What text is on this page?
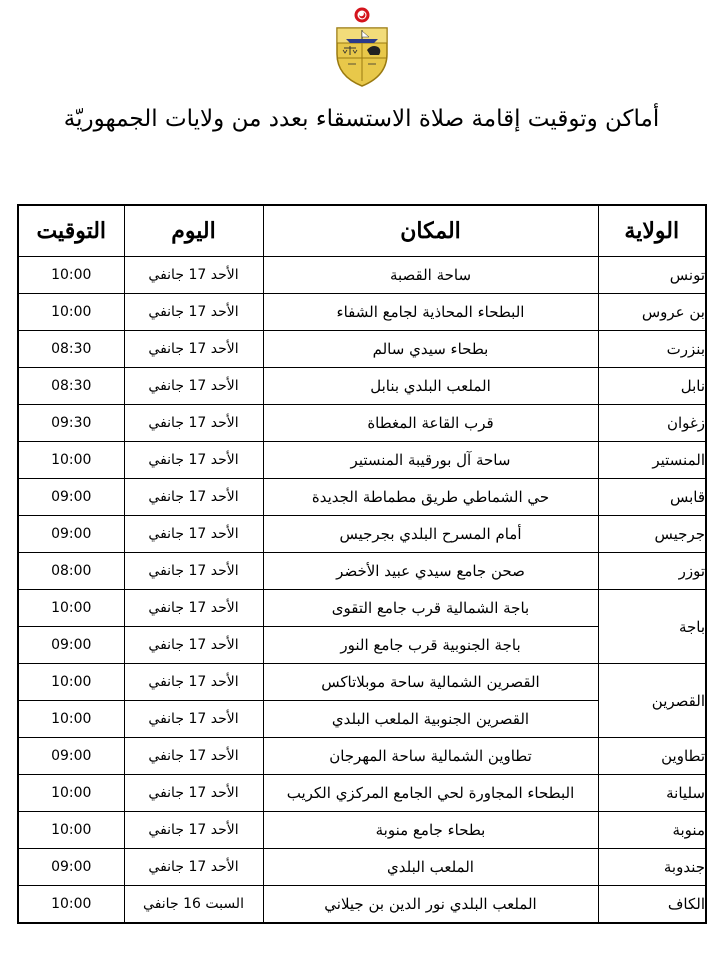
أماكن وتوقيت إقامة صلاة الاستسقاء بعدد من ولايات الجمهوريّة
الولاية	المكان	اليوم	التوقيت
تونس	ساحة القصبة	الأحد 17 جانفي	10:00
بن عروس	البطحاء المحاذية لجامع الشفاء	الأحد 17 جانفي	10:00
بنزرت	بطحاء سيدي سالم	الأحد 17 جانفي	08:30
نابل	الملعب البلدي بنابل	الأحد 17 جانفي	08:30
زغوان	قرب القاعة المغطاة	الأحد 17 جانفي	09:30
المنستير	ساحة آل بورقيبة المنستير	الأحد 17 جانفي	10:00
قابس	حي الشماطي طريق مطماطة الجديدة	الأحد 17 جانفي	09:00
جرجيس	أمام المسرح البلدي بجرجيس	الأحد 17 جانفي	09:00
توزر	صحن جامع سيدي عبيد الأخضر	الأحد 17 جانفي	08:00
باجة	باجة الشمالية قرب جامع التقوى	الأحد 17 جانفي	10:00
	باجة الجنوبية قرب جامع النور	الأحد 17 جانفي	09:00
القصرين	القصرين الشمالية ساحة موبلاتاكس	الأحد 17 جانفي	10:00
	القصرين الجنوبية الملعب البلدي	الأحد 17 جانفي	10:00
تطاوين	تطاوين الشمالية ساحة المهرجان	الأحد 17 جانفي	09:00
سليانة	البطحاء المجاورة لحي الجامع المركزي الكريب	الأحد 17 جانفي	10:00
منوبة	بطحاء جامع منوبة	الأحد 17 جانفي	10:00
جندوبة	الملعب البلدي	الأحد 17 جانفي	09:00
الكاف	الملعب البلدي نور الدين بن جيلاني	السبت 16 جانفي	10:00
